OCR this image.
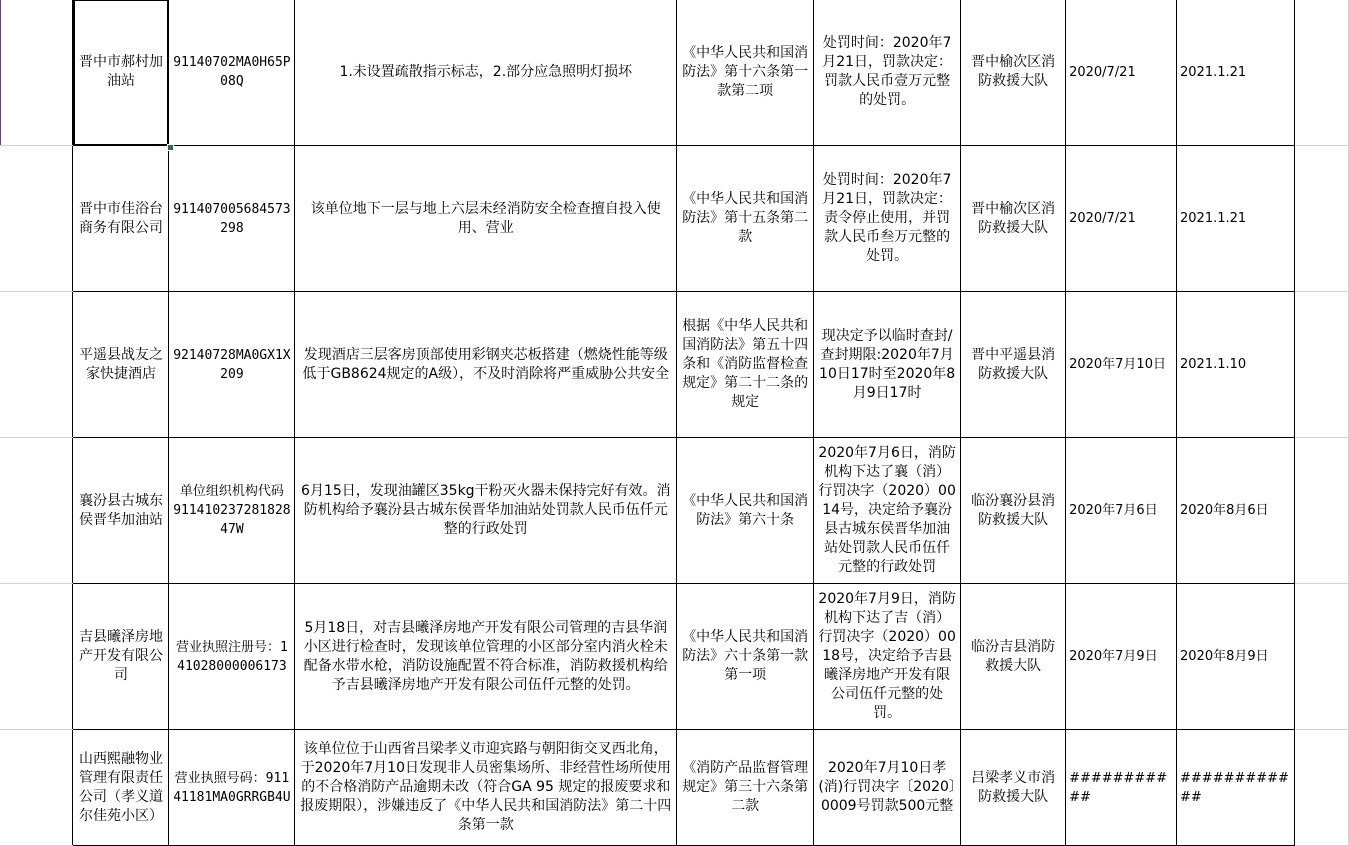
	晋中市郝村加油站	91140702MA0H65P08Q	1.未设置疏散指示标志，2.部分应急照明灯损坏	《中华人民共和国消防法》第十六条第一款第二项	处罚时间：2020年7月21日，罚款决定：罚款人民币壹万元整的处罚。	晋中榆次区消防救援大队	2020/7/21	2021.1.21	

	晋中市佳浴台商务有限公司	911407005684573298	该单位地下一层与地上六层未经消防安全检查擅自投入使用、营业	《中华人民共和国消防法》第十五条第二款	处罚时间：2020年7月21日，罚款决定：责令停止使用，并罚款人民币叁万元整的处罚。	晋中榆次区消防救援大队	2020/7/21	2021.1.21	

	平遥县战友之家快捷酒店	92140728MA0GX1X209	发现酒店三层客房顶部使用彩钢夹芯板搭建（燃烧性能等级低于GB8624规定的A级），不及时消除将严重威胁公共安全	根据《中华人民共和国消防法》第五十四条和《消防监督检查规定》第二十二条的规定	现决定予以临时查封/查封期限:2020年7月10日17时至2020年8月9日17时	晋中平遥县消防救援大队	2020年7月10日	2021.1.10	

	襄汾县古城东侯晋华加油站	单位组织机构代码 91141023728182847W	6月15日，发现油罐区35kg干粉灭火器未保持完好有效。消防机构给予襄汾县古城东侯晋华加油站处罚款人民币伍仟元整的行政处罚	《中华人民共和国消防法》第六十条	2020年7月6日，消防机构下达了襄（消）行罚决字（2020）0014号，决定给予襄汾县古城东侯晋华加油站处罚款人民币伍仟元整的行政处罚	临汾襄汾县消防救援大队	2020年7月6日	2020年8月6日	

	吉县曦泽房地产开发有限公司	营业执照注册号：141028000006173	5月18日，对吉县曦泽房地产开发有限公司管理的吉县华润小区进行检查时，发现该单位管理的小区部分室内消火栓未配备水带水枪，消防设施配置不符合标准，消防救援机构给予吉县曦泽房地产开发有限公司伍仟元整的处罚。	《中华人民共和国消防法》六十条第一款第一项	2020年7月9日，消防机构下达了吉（消）行罚决字（2020）0018号，决定给予吉县曦泽房地产开发有限公司伍仟元整的处罚。	临汾吉县消防救援大队	2020年7月9日	2020年8月9日	

	山西熙融物业管理有限责任公司（孝义道尔佳苑小区）	营业执照号码：91141181MA0GRRGB4U	该单位位于山西省吕梁孝义市迎宾路与朝阳街交叉西北角，于2020年7月10日发现非人员密集场所、非经营性场所使用的不合格消防产品逾期未改（符合GA 95 规定的报废要求和报废期限），涉嫌违反了《中华人民共和国消防法》第二十四条第一款	《消防产品监督管理规定》第三十六条第二款	2020年7月10日孝(消)行罚决字〔2020〕0009号罚款500元整	吕梁孝义市消防救援大队	###########	############	
